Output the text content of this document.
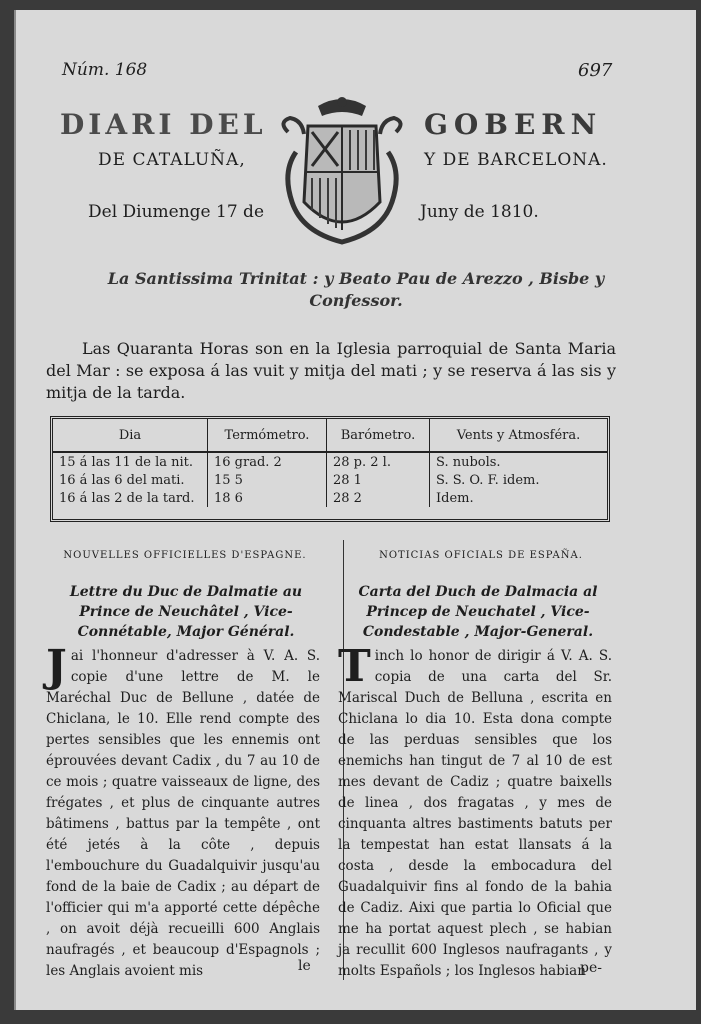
Núm. 168	697
DIARI DEL	GOBERN
DE CATALUÑA,	Y DE BARCELONA.
Del Diumenge 17 de	Juny de 1810.
La Santissima Trinitat : y Beato Pau de Arezzo , Bisbe y Confessor.
Las Quaranta Horas son en la Iglesia parroquial de Santa Maria del Mar : se exposa á las vuit y mitja del mati ; y se reserva á las sis y mitja de la tarda.
Dia	Termómetro.	Barómetro.	Vents y Atmosféra.
15 á las 11 de la nit.	16 grad. 2	28 p. 2 l.	S. nubols.
16 á las 6 del mati.	15 5	28 1	S. S. O. F. idem.
16 á las 2 de la tard.	18 6	28 2	Idem.
NOUVELLES OFFICIELLES D'ESPAGNE.	NOTICIAS OFICIALS DE ESPAÑA.
Lettre du Duc de Dalmatie au Prince de Neuchâtel , Vice-Connétable, Major Général.
Carta del Duch de Dalmacia al Princep de Neuchatel , Vice-Condestable , Major-General.
Jai l'honneur d'adresser à V. A. S. copie d'une lettre de M. le Maréchal Duc de Bellune , datée de Chiclana, le 10. Elle rend compte des pertes sensibles que les ennemis ont éprouvées devant Cadix , du 7 au 10 de ce mois ; quatre vaisseaux de ligne, des frégates , et plus de cinquante autres bâtimens , battus par la tempête , ont été jetés à la côte , depuis l'embouchure du Guadalquivir jusqu'au fond de la baie de Cadix ; au départ de l'officier qui m'a apporté cette dépêche , on avoit déjà recueilli 600 Anglais naufragés , et beaucoup d'Espagnols ; les Anglais avoient mis
Tinch lo honor de dirigir á V. A. S. copia de una carta del Sr. Mariscal Duch de Belluna , escrita en Chiclana lo dia 10. Esta dona compte de las perduas sensibles que los enemichs han tingut de 7 al 10 de est mes devant de Cadiz ; quatre baixells de linea , dos fragatas , y mes de cinquanta altres bastiments batuts per la tempestat han estat llansats á la costa , desde la embocadura del Guadalquivir fins al fondo de la bahia de Cadiz. Aixi que partia lo Oficial que me ha portat aquest plech , se habian ja recullit 600 Inglesos naufragants , y molts Españols ; los Inglesos habian
le	pe-
